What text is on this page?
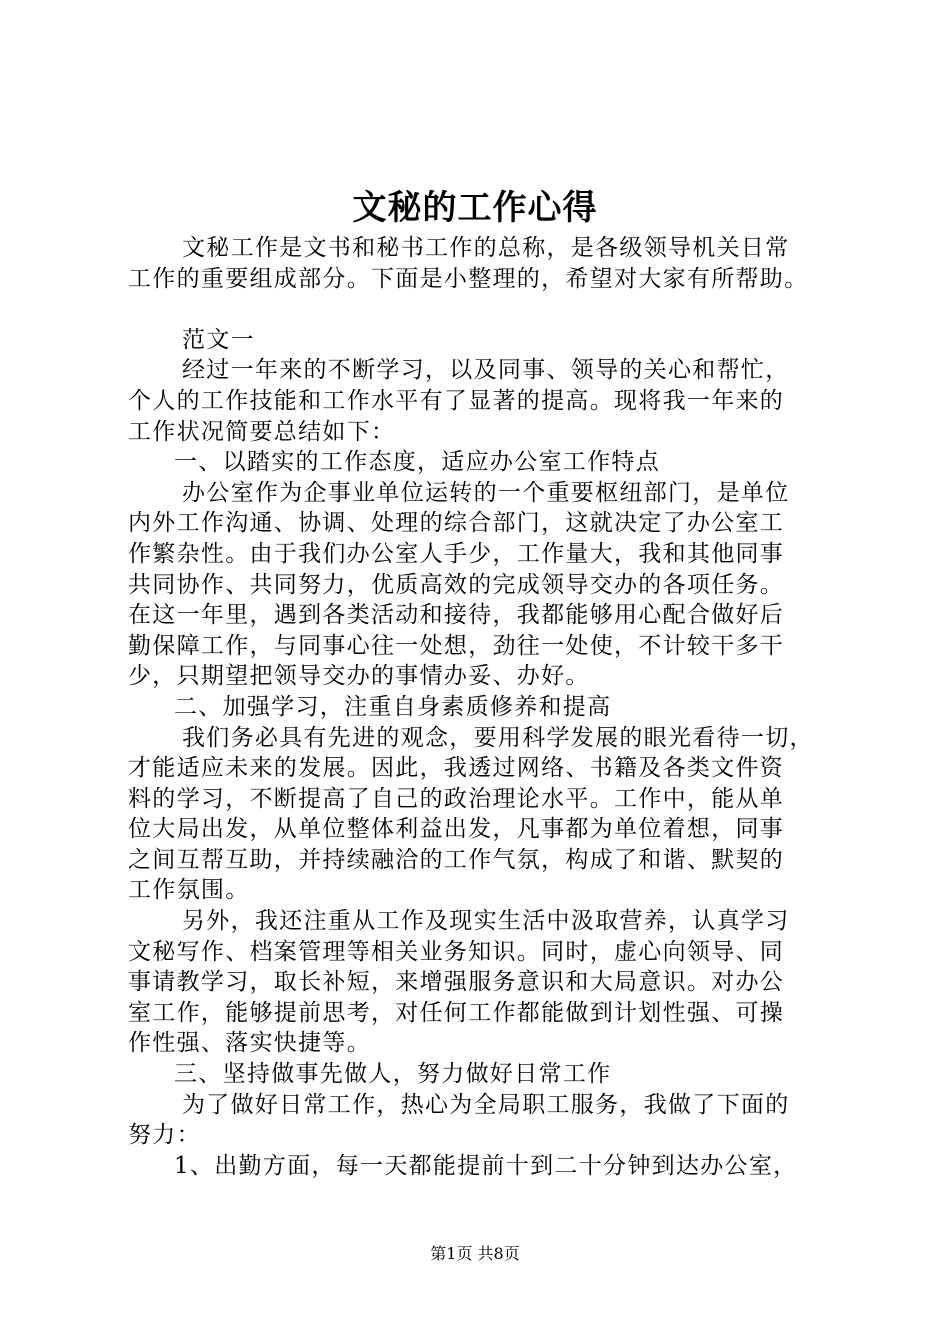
文秘的工作心得
文秘工作是文书和秘书工作的总称，是各级领导机关日常
工作的重要组成部分。下面是小整理的，希望对大家有所帮助。
范文一
经过一年来的不断学习，以及同事、领导的关心和帮忙，
个人的工作技能和工作水平有了显著的提高。现将我一年来的
工作状况简要总结如下：
一、以踏实的工作态度，适应办公室工作特点
办公室作为企事业单位运转的一个重要枢纽部门，是单位
内外工作沟通、协调、处理的综合部门，这就决定了办公室工
作繁杂性。由于我们办公室人手少，工作量大，我和其他同事
共同协作、共同努力，优质高效的完成领导交办的各项任务。
在这一年里，遇到各类活动和接待，我都能够用心配合做好后
勤保障工作，与同事心往一处想，劲往一处使，不计较干多干
少，只期望把领导交办的事情办妥、办好。
二、加强学习，注重自身素质修养和提高
我们务必具有先进的观念，要用科学发展的眼光看待一切，
才能适应未来的发展。因此，我透过网络、书籍及各类文件资
料的学习，不断提高了自己的政治理论水平。工作中，能从单
位大局出发，从单位整体利益出发，凡事都为单位着想，同事
之间互帮互助，并持续融洽的工作气氛，构成了和谐、默契的
工作氛围。
另外，我还注重从工作及现实生活中汲取营养，认真学习
文秘写作、档案管理等相关业务知识。同时，虚心向领导、同
事请教学习，取长补短，来增强服务意识和大局意识。对办公
室工作，能够提前思考，对任何工作都能做到计划性强、可操
作性强、落实快捷等。
三、坚持做事先做人，努力做好日常工作
为了做好日常工作，热心为全局职工服务，我做了下面的
努力：
1、出勤方面，每一天都能提前十到二十分钟到达办公室，
第1页 共8页
